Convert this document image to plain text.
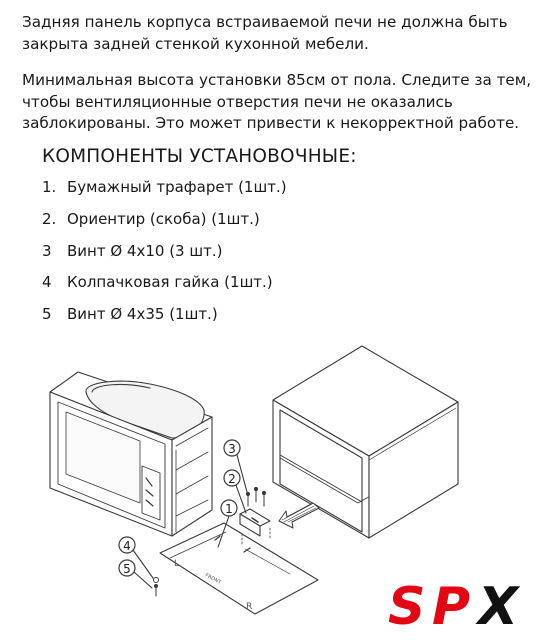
Задняя панель корпуса встраиваемой печи не должна быть закрыта задней стенкой кухонной мебели.

Минимальная высота установки 85см от пола. Следите за тем, чтобы вентиляционные отверстия печи не оказались заблокированы. Это может привести к некорректной работе.

КОМПОНЕНТЫ УСТАНОВОЧНЫЕ:
1. Бумажный трафарет (1шт.)
2. Ориентир (скоба) (1шт.)
3 Винт Ø 4x10 (3 шт.)
4 Колпачковая гайка (1шт.)
5 Винт Ø 4x35 (1шт.)
L
R
FRONT
1
2
3
4
5
S P X
